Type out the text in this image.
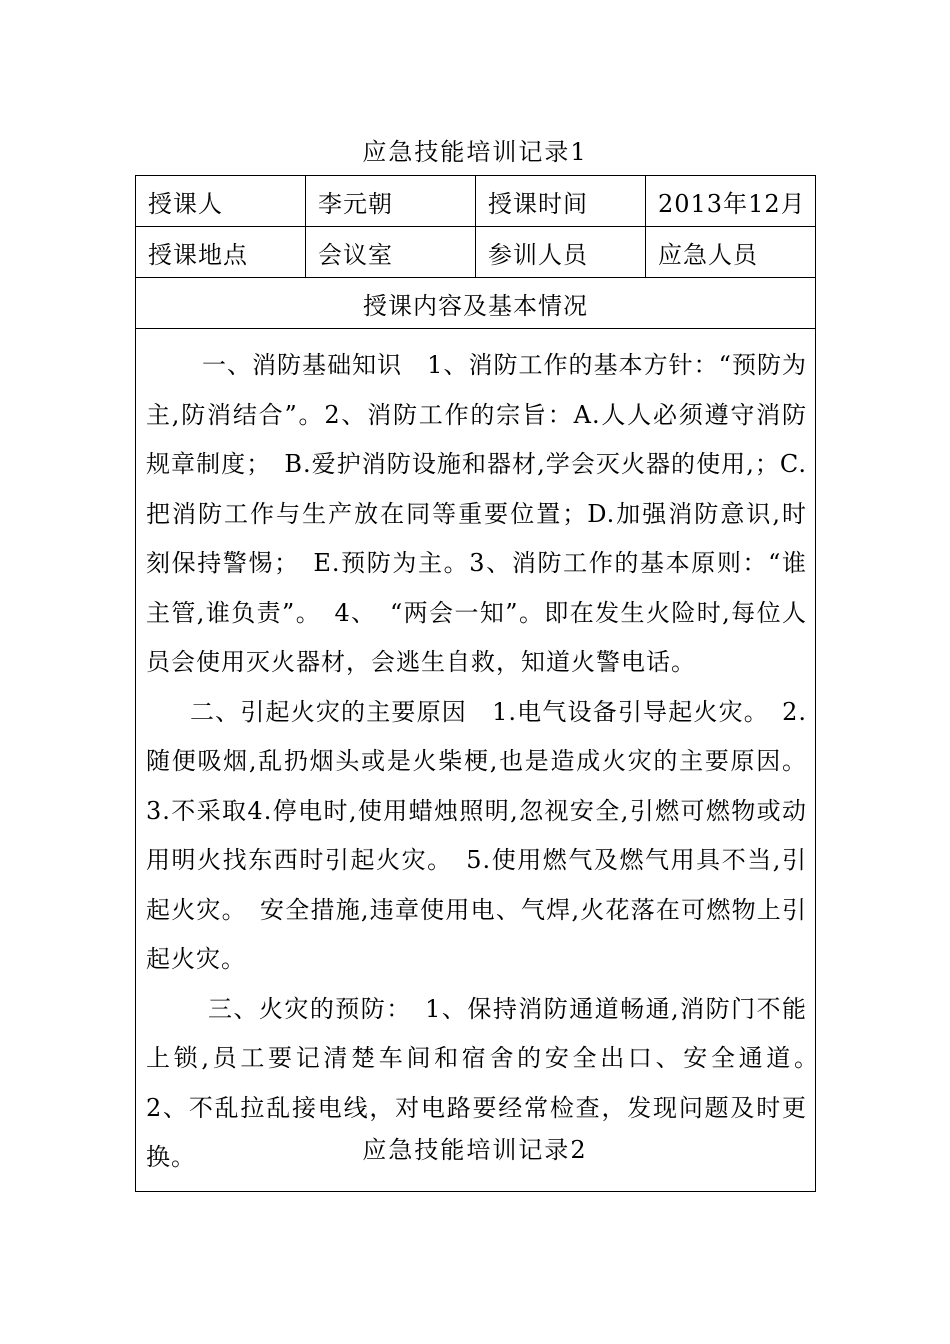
应急技能培训记录1
授课人	李元朝	授课时间	2013年12月
授课地点	会议室	参训人员	应急人员
授课内容及基本情况			

一、消防基础知识　1、消防工作的基本方针：“预防为主,防消结合”。2、消防工作的宗旨：A.人人必须遵守消防规章制度；　B.爱护消防设施和器材,学会灭火器的使用,；C.把消防工作与生产放在同等重要位置；D.加强消防意识,时刻保持警惕；　E.预防为主。3、消防工作的基本原则：“谁主管,谁负责”。　4、　“两会一知”。即在发生火险时,每位人员会使用灭火器材，会逃生自救，知道火警电话。

二、引起火灾的主要原因　1.电气设备引导起火灾。　2.随便吸烟,乱扔烟头或是火柴梗,也是造成火灾的主要原因。3.不采取4.停电时,使用蜡烛照明,忽视安全,引燃可燃物或动用明火找东西时引起火灾。　5.使用燃气及燃气用具不当,引起火灾。　安全措施,违章使用电、气焊,火花落在可燃物上引起火灾。

三、火灾的预防：　1、保持消防通道畅通,消防门不能上锁,员工要记清楚车间和宿舍的安全出口、安全通道。　2、不乱拉乱接电线，对电路要经常检查，发现问题及时更换。				应急技能培训记录2
